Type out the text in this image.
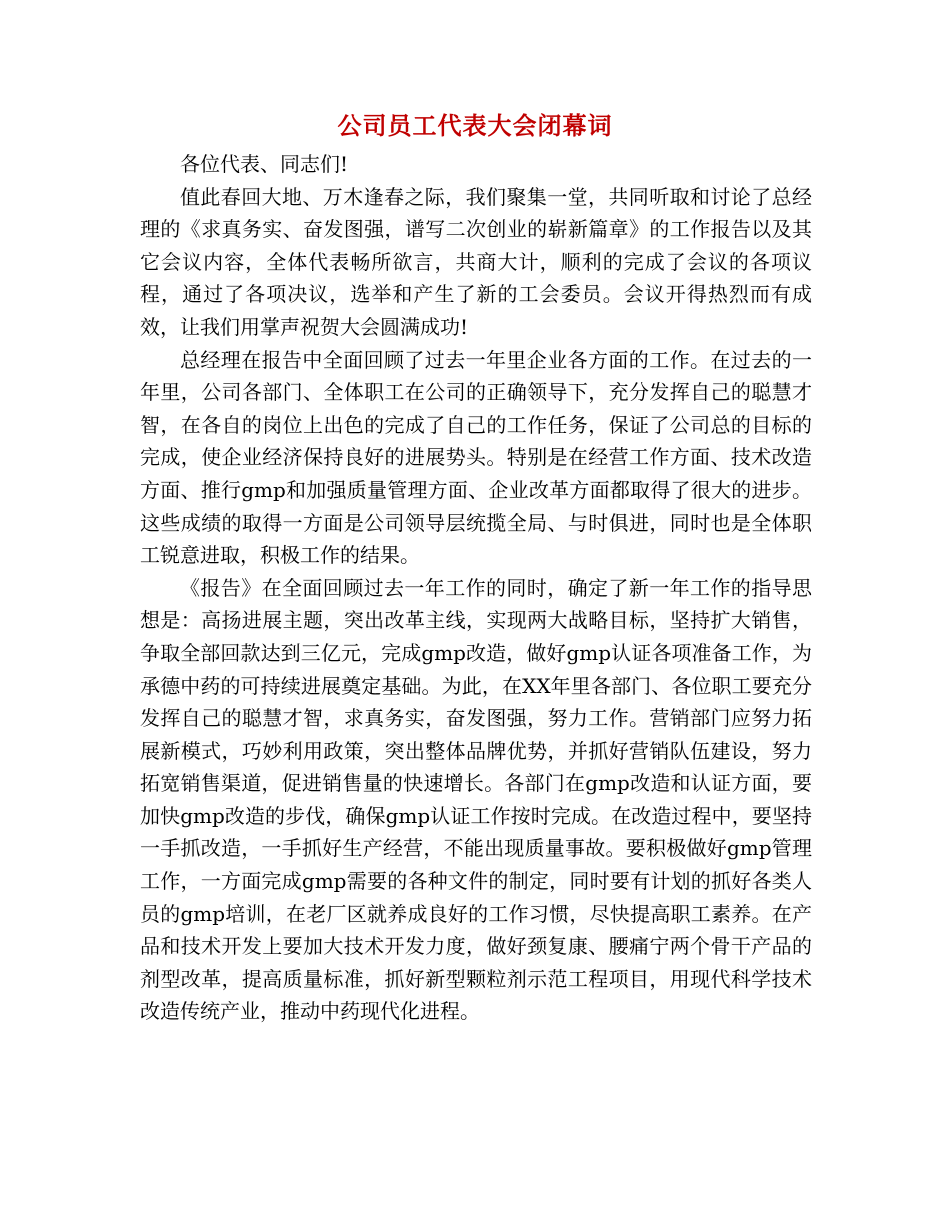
公司员工代表大会闭幕词

各位代表、同志们!

值此春回大地、万木逢春之际，我们聚集一堂，共同听取和讨论了总经理的《求真务实、奋发图强，谱写二次创业的崭新篇章》的工作报告以及其它会议内容，全体代表畅所欲言，共商大计，顺利的完成了会议的各项议程，通过了各项决议，选举和产生了新的工会委员。会议开得热烈而有成效，让我们用掌声祝贺大会圆满成功!

总经理在报告中全面回顾了过去一年里企业各方面的工作。在过去的一年里，公司各部门、全体职工在公司的正确领导下，充分发挥自己的聪慧才智，在各自的岗位上出色的完成了自己的工作任务，保证了公司总的目标的完成，使企业经济保持良好的进展势头。特别是在经营工作方面、技术改造方面、推行gmp和加强质量管理方面、企业改革方面都取得了很大的进步。这些成绩的取得一方面是公司领导层统揽全局、与时俱进，同时也是全体职工锐意进取，积极工作的结果。

《报告》在全面回顾过去一年工作的同时，确定了新一年工作的指导思想是：高扬进展主题，突出改革主线，实现两大战略目标，坚持扩大销售，争取全部回款达到三亿元，完成gmp改造，做好gmp认证各项准备工作，为承德中药的可持续进展奠定基础。为此，在XX年里各部门、各位职工要充分发挥自己的聪慧才智，求真务实，奋发图强，努力工作。营销部门应努力拓展新模式，巧妙利用政策，突出整体品牌优势，并抓好营销队伍建设，努力拓宽销售渠道，促进销售量的快速增长。各部门在gmp改造和认证方面，要加快gmp改造的步伐，确保gmp认证工作按时完成。在改造过程中，要坚持一手抓改造，一手抓好生产经营，不能出现质量事故。要积极做好gmp管理工作，一方面完成gmp需要的各种文件的制定，同时要有计划的抓好各类人员的gmp培训，在老厂区就养成良好的工作习惯，尽快提高职工素养。在产品和技术开发上要加大技术开发力度，做好颈复康、腰痛宁两个骨干产品的剂型改革，提高质量标准，抓好新型颗粒剂示范工程项目，用现代科学技术改造传统产业，推动中药现代化进程。
